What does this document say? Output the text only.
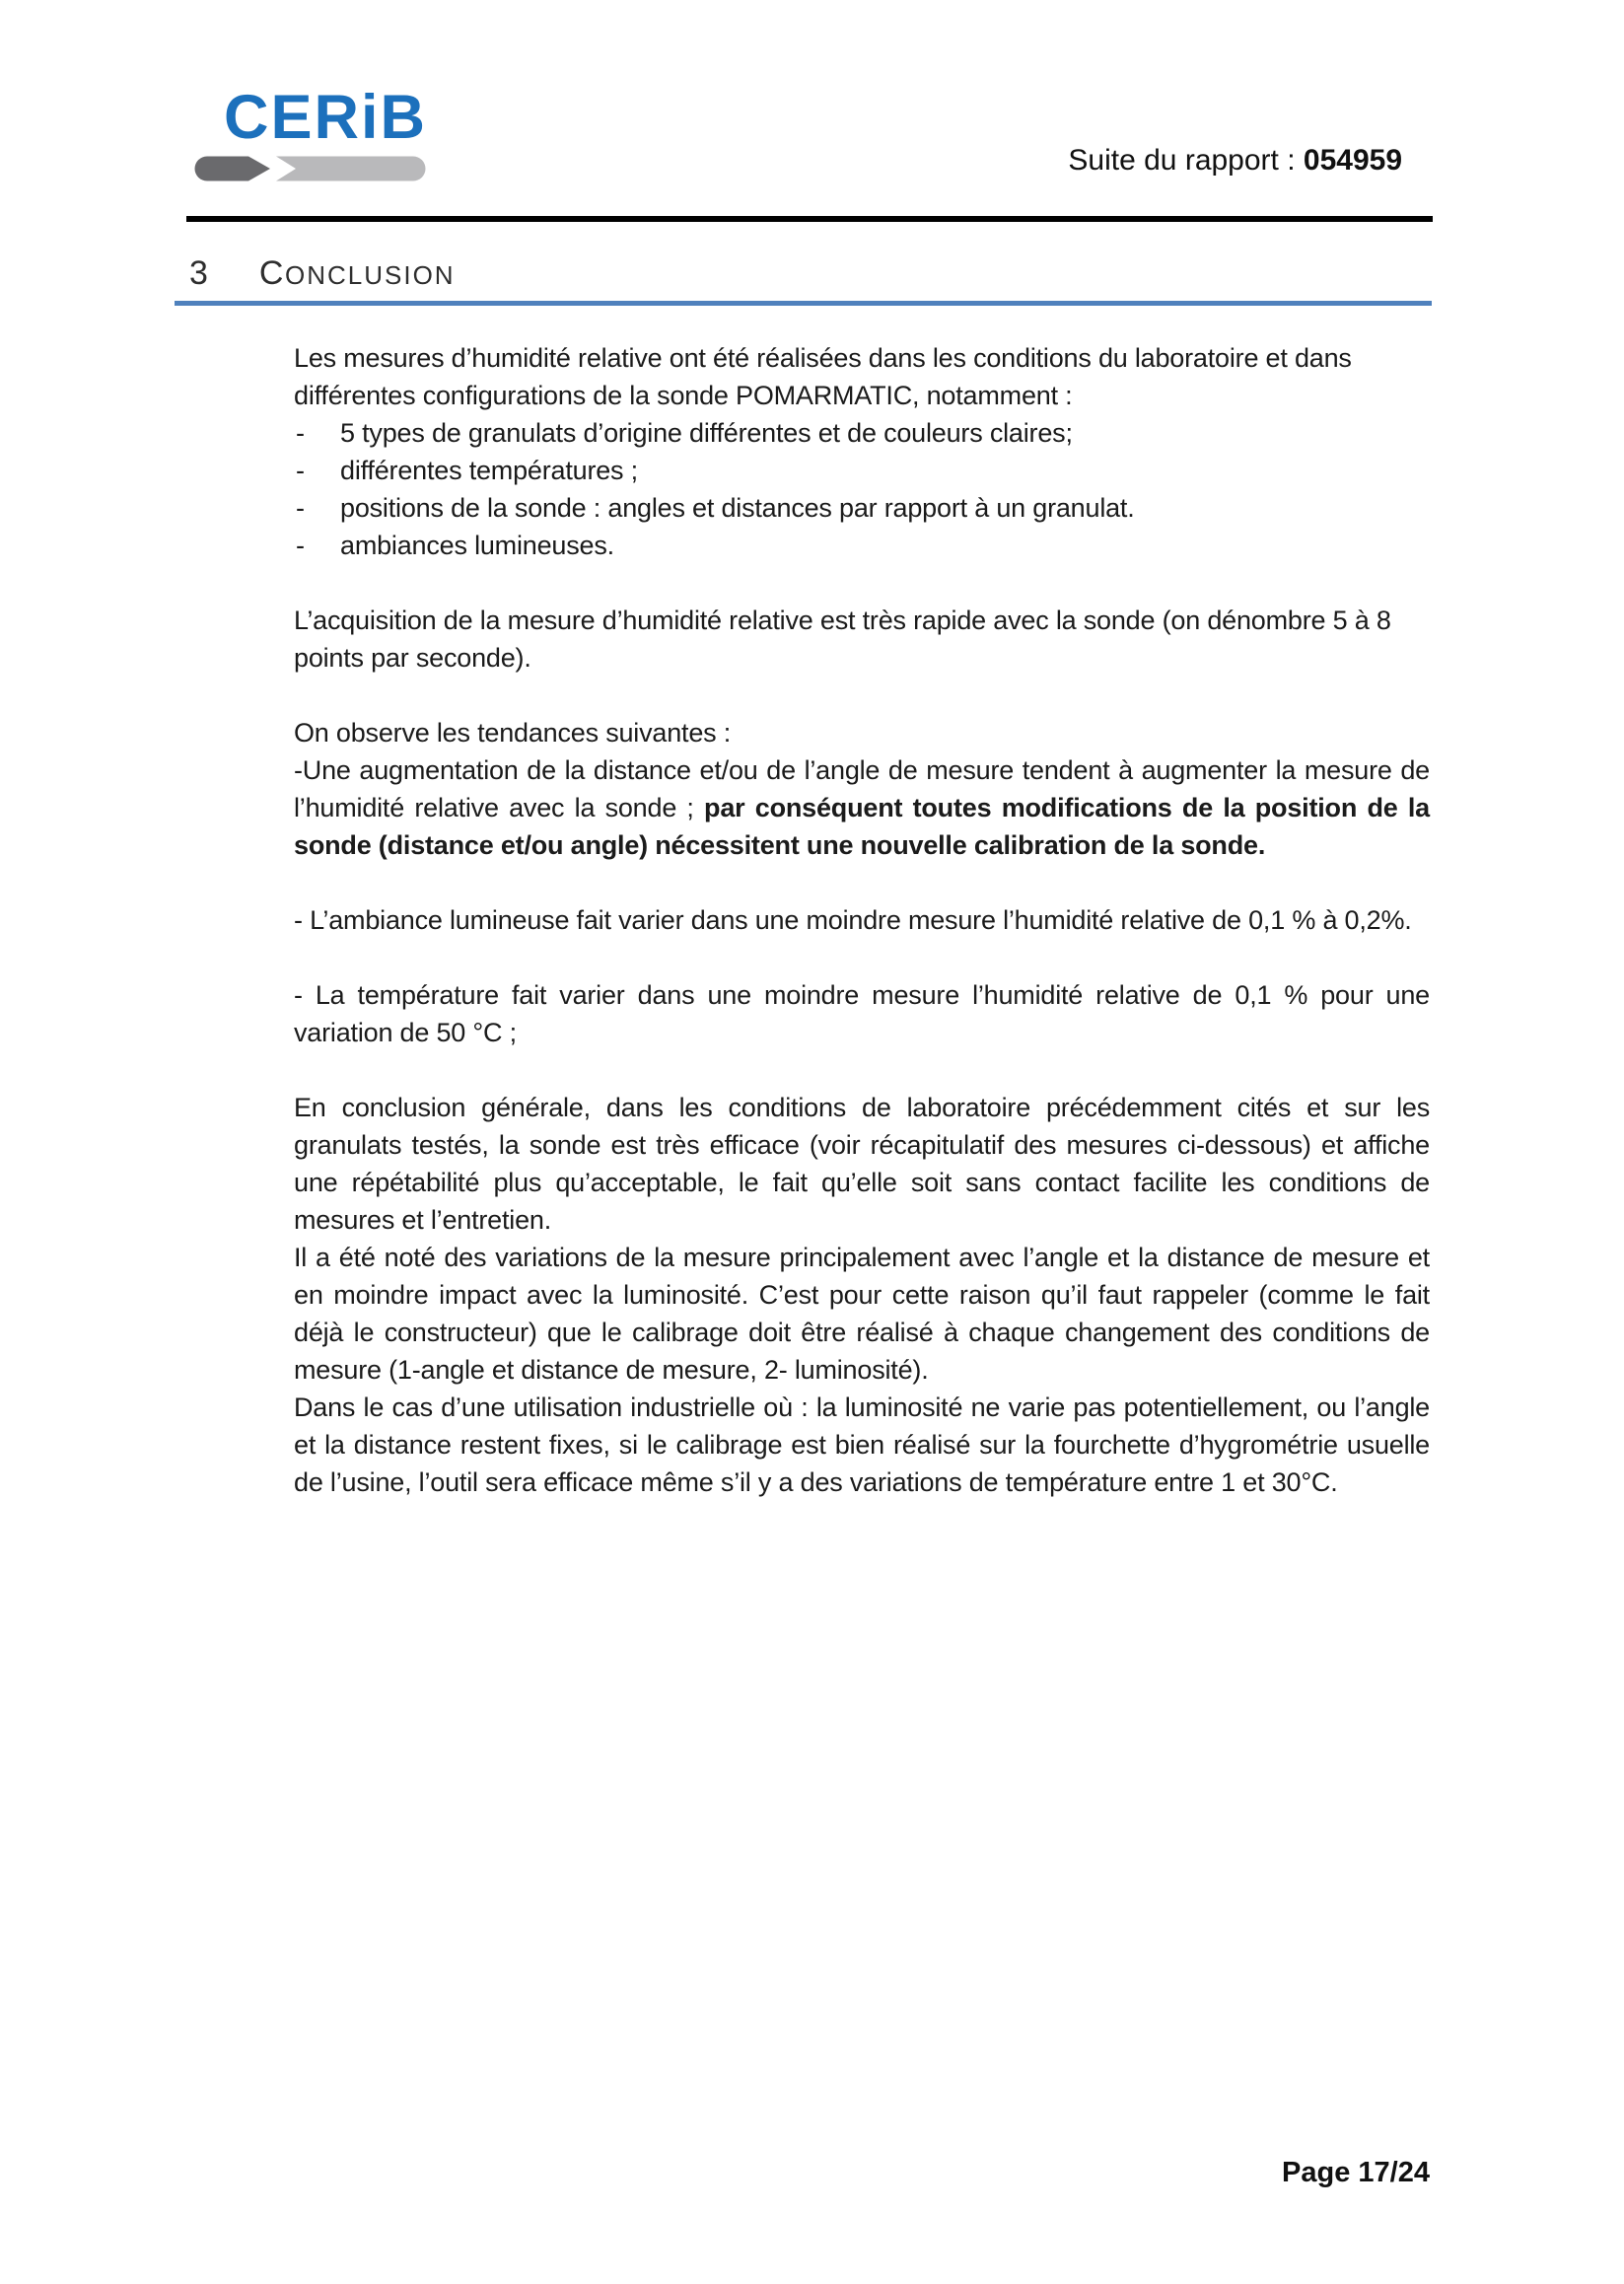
CERiB
Suite du rapport : 054959
3 CONCLUSION

Les mesures d’humidité relative ont été réalisées dans les conditions du laboratoire et dans différentes configurations de la sonde POMARMATIC, notamment :

-	5 types de granulats d’origine différentes et de couleurs claires;
-	différentes températures ;
-	positions de la sonde : angles et distances par rapport à un granulat.
-	ambiances lumineuses.

L’acquisition de la mesure d’humidité relative est très rapide avec la sonde (on dénombre 5 à 8 points par seconde).

On observe les tendances suivantes :

-Une augmentation de la distance et/ou de l’angle de mesure tendent à augmenter la mesure de l’humidité relative avec la sonde ; par conséquent toutes modifications de la position de la sonde (distance et/ou angle) nécessitent une nouvelle calibration de la sonde.

- L’ambiance lumineuse fait varier dans une moindre mesure l’humidité relative de 0,1 % à 0,2%.

- La température fait varier dans une moindre mesure l’humidité relative de 0,1 % pour une variation de 50 °C ;

En conclusion générale, dans les conditions de laboratoire précédemment cités et sur les granulats testés, la sonde est très efficace (voir récapitulatif des mesures ci-dessous) et affiche une répétabilité plus qu’acceptable, le fait qu’elle soit sans contact facilite les conditions de mesures et l’entretien.

Il a été noté des variations de la mesure principalement avec l’angle et la distance de mesure et en moindre impact avec la luminosité. C’est pour cette raison qu’il faut rappeler (comme le fait déjà le constructeur) que le calibrage doit être réalisé à chaque changement des conditions de mesure (1-angle et distance de mesure, 2- luminosité).

Dans le cas d’une utilisation industrielle où : la luminosité ne varie pas potentiellement, ou l’angle et la distance restent fixes, si le calibrage est bien réalisé sur la fourchette d’hygrométrie usuelle de l’usine, l’outil sera efficace même s’il y a des variations de température entre 1 et 30°C.

Page 17/24
